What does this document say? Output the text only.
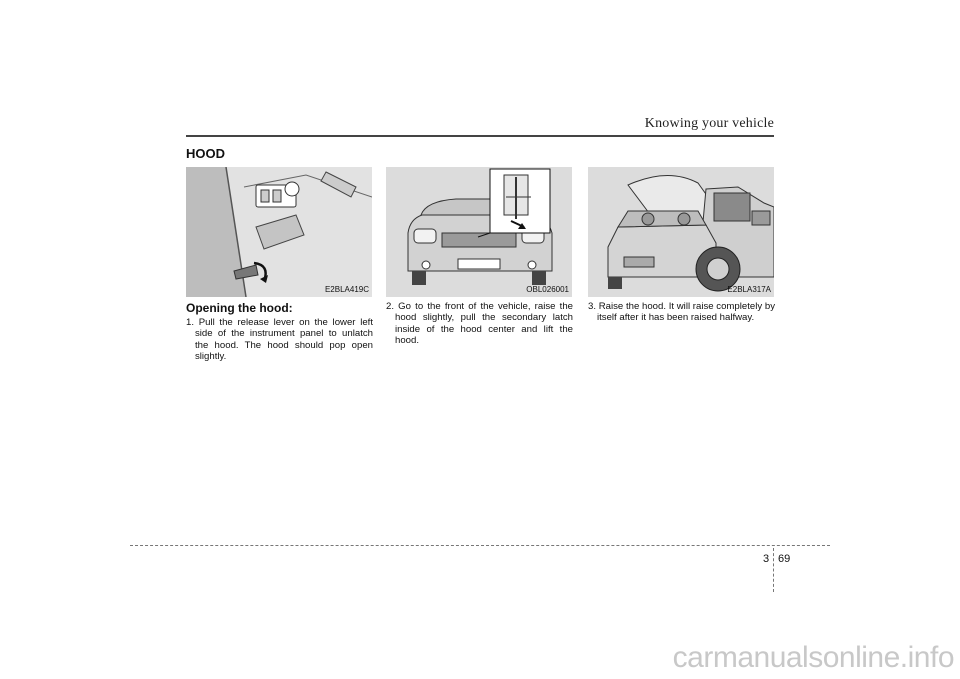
Knowing your vehicle
HOOD
E2BLA419C	OBL026001	E2BLA317A
Opening the hood:
1. Pull the release lever on the lower left side of the instrument panel to unlatch the hood. The hood should pop open slightly.
2. Go to the front of the vehicle, raise the hood slightly, pull the secondary latch inside of the hood center and lift the hood.
3. Raise the hood. It will raise completely by itself after it has been raised halfway.
3 69
carmanualsonline.info
